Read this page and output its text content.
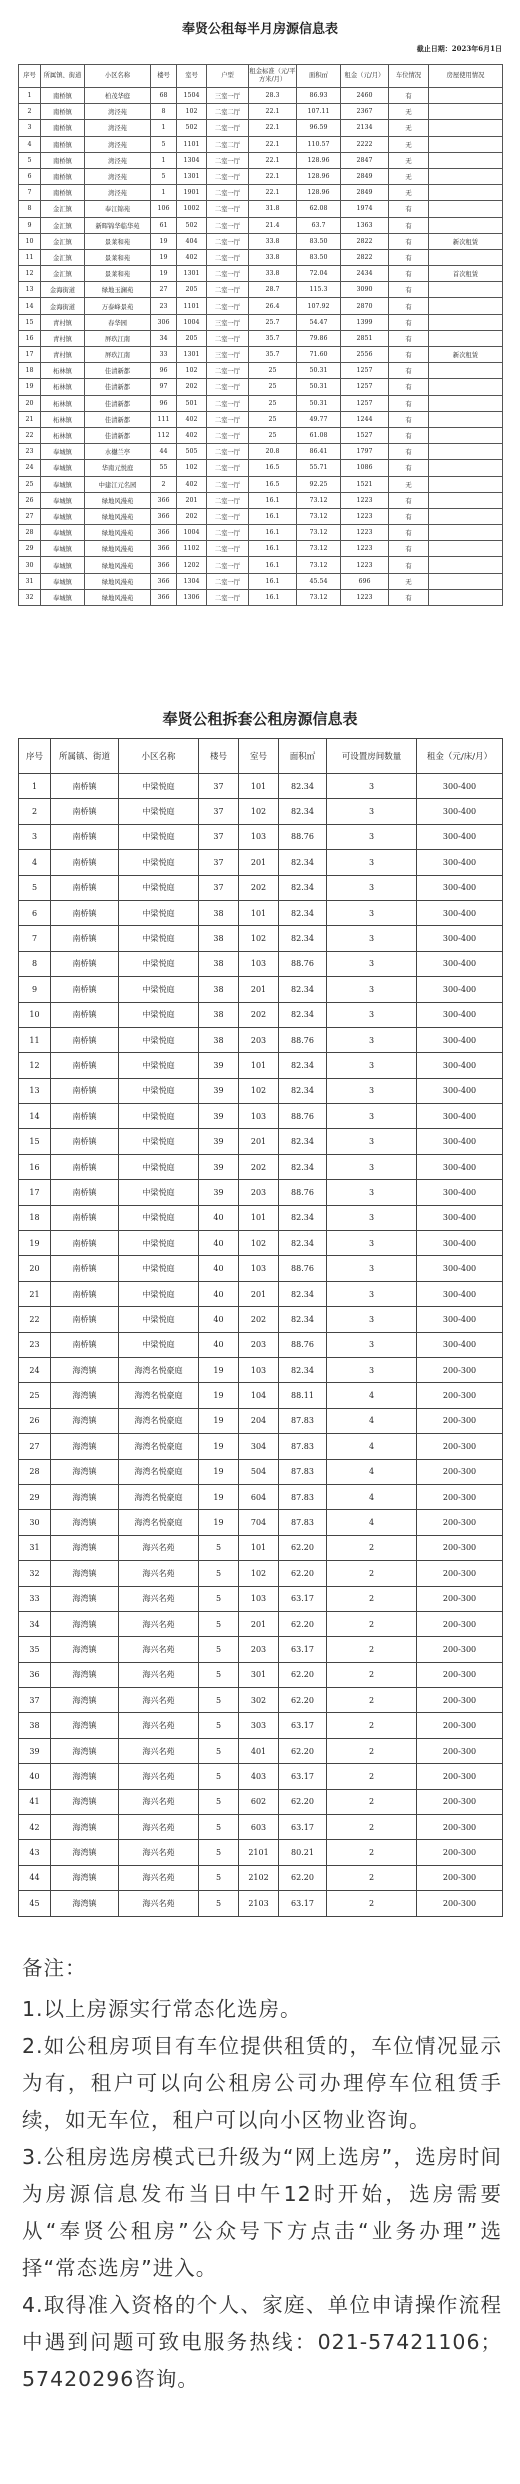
奉贤公租每半月房源信息表
截止日期：2023年6月1日
序号	所属镇、街道	小区名称	楼号	室号	户型	租金标准（元/平方米/月）	面积㎡	租金（元/月）	车位情况	房屋使用情况
1	南桥镇	柏茂华庭	68	1504	三室一厅	28.3	86.93	2460	有	
2	南桥镇	湾泾苑	8	102	二室二厅	22.1	107.11	2367	无	
3	南桥镇	湾泾苑	1	502	二室一厅	22.1	96.59	2134	无	
4	南桥镇	湾泾苑	5	1101	二室二厅	22.1	110.57	2222	无	
5	南桥镇	湾泾苑	1	1304	二室一厅	22.1	128.96	2847	无	
6	南桥镇	湾泾苑	5	1301	二室一厅	22.1	128.96	2849	无	
7	南桥镇	湾泾苑	1	1901	二室一厅	22.1	128.96	2849	无	
8	金汇镇	奉江锦苑	106	1002	二室一厅	31.8	62.08	1974	有	
9	金汇镇	新晖锦华临华苑	61	502	二室一厅	21.4	63.7	1363	有	
10	金汇镇	景莱和苑	19	404	二室一厅	33.8	83.50	2822	有	新次租赁
11	金汇镇	景莱和苑	19	402	二室一厅	33.8	83.50	2822	有	
12	金汇镇	景莱和苑	19	1301	二室一厅	33.8	72.04	2434	有	首次租赁
13	金海街道	绿地玉澜苑	27	205	二室一厅	28.7	115.3	3090	有	
14	金海街道	万泰峰景苑	23	1101	二室一厅	26.4	107.92	2870	有	
15	青村镇	春华园	306	1004	三室一厅	25.7	54.47	1399	有	
16	青村镇	屏玖江南	34	205	二室一厅	35.7	79.86	2851	有	
17	青村镇	屏玖江南	33	1301	三室一厅	35.7	71.60	2556	有	新次租赁
18	柘林镇	佳清新都	96	102	二室一厅	25	50.31	1257	有	
19	柘林镇	佳清新都	97	202	二室一厅	25	50.31	1257	有	
20	柘林镇	佳清新都	96	501	二室一厅	25	50.31	1257	有	
21	柘林镇	佳清新都	111	402	二室一厅	25	49.77	1244	有	
22	柘林镇	佳清新都	112	402	二室一厅	25	61.08	1527	有	
23	奉城镇	水樾兰亭	44	505	二室一厅	20.8	86.41	1797	有	
24	奉城镇	华南元悦庭	55	102	二室一厅	16.5	55.71	1086	有	
25	奉城镇	中建江元名园	2	402	二室一厅	16.5	92.25	1521	无	
26	奉城镇	绿地风漫苑	366	201	二室一厅	16.1	73.12	1223	有	
27	奉城镇	绿地风漫苑	366	202	二室一厅	16.1	73.12	1223	有	
28	奉城镇	绿地风漫苑	366	1004	二室一厅	16.1	73.12	1223	有	
29	奉城镇	绿地风漫苑	366	1102	二室一厅	16.1	73.12	1223	有	
30	奉城镇	绿地风漫苑	366	1202	二室一厅	16.1	73.12	1223	有	
31	奉城镇	绿地风漫苑	366	1304	二室一厅	16.1	45.54	696	无	
32	奉城镇	绿地风漫苑	366	1306	二室一厅	16.1	73.12	1223	有	
奉贤公租拆套公租房源信息表
序号	所属镇、街道	小区名称	楼号	室号	面积㎡	可设置房间数量	租金（元/床/月）
1	南桥镇	中梁悦庭	37	101	82.34	3	300-400
2	南桥镇	中梁悦庭	37	102	82.34	3	300-400
3	南桥镇	中梁悦庭	37	103	88.76	3	300-400
4	南桥镇	中梁悦庭	37	201	82.34	3	300-400
5	南桥镇	中梁悦庭	37	202	82.34	3	300-400
6	南桥镇	中梁悦庭	38	101	82.34	3	300-400
7	南桥镇	中梁悦庭	38	102	82.34	3	300-400
8	南桥镇	中梁悦庭	38	103	88.76	3	300-400
9	南桥镇	中梁悦庭	38	201	82.34	3	300-400
10	南桥镇	中梁悦庭	38	202	82.34	3	300-400
11	南桥镇	中梁悦庭	38	203	88.76	3	300-400
12	南桥镇	中梁悦庭	39	101	82.34	3	300-400
13	南桥镇	中梁悦庭	39	102	82.34	3	300-400
14	南桥镇	中梁悦庭	39	103	88.76	3	300-400
15	南桥镇	中梁悦庭	39	201	82.34	3	300-400
16	南桥镇	中梁悦庭	39	202	82.34	3	300-400
17	南桥镇	中梁悦庭	39	203	88.76	3	300-400
18	南桥镇	中梁悦庭	40	101	82.34	3	300-400
19	南桥镇	中梁悦庭	40	102	82.34	3	300-400
20	南桥镇	中梁悦庭	40	103	88.76	3	300-400
21	南桥镇	中梁悦庭	40	201	82.34	3	300-400
22	南桥镇	中梁悦庭	40	202	82.34	3	300-400
23	南桥镇	中梁悦庭	40	203	88.76	3	300-400
24	海湾镇	海湾名悦豪庭	19	103	82.34	3	200-300
25	海湾镇	海湾名悦豪庭	19	104	88.11	4	200-300
26	海湾镇	海湾名悦豪庭	19	204	87.83	4	200-300
27	海湾镇	海湾名悦豪庭	19	304	87.83	4	200-300
28	海湾镇	海湾名悦豪庭	19	504	87.83	4	200-300
29	海湾镇	海湾名悦豪庭	19	604	87.83	4	200-300
30	海湾镇	海湾名悦豪庭	19	704	87.83	4	200-300
31	海湾镇	海兴名苑	5	101	62.20	2	200-300
32	海湾镇	海兴名苑	5	102	62.20	2	200-300
33	海湾镇	海兴名苑	5	103	63.17	2	200-300
34	海湾镇	海兴名苑	5	201	62.20	2	200-300
35	海湾镇	海兴名苑	5	203	63.17	2	200-300
36	海湾镇	海兴名苑	5	301	62.20	2	200-300
37	海湾镇	海兴名苑	5	302	62.20	2	200-300
38	海湾镇	海兴名苑	5	303	63.17	2	200-300
39	海湾镇	海兴名苑	5	401	62.20	2	200-300
40	海湾镇	海兴名苑	5	403	63.17	2	200-300
41	海湾镇	海兴名苑	5	602	62.20	2	200-300
42	海湾镇	海兴名苑	5	603	63.17	2	200-300
43	海湾镇	海兴名苑	5	2101	80.21	2	200-300
44	海湾镇	海兴名苑	5	2102	62.20	2	200-300
45	海湾镇	海兴名苑	5	2103	63.17	2	200-300
备注：
1.以上房源实行常态化选房。
2.如公租房项目有车位提供租赁的，车位情况显示为有，租户可以向公租房公司办理停车位租赁手续，如无车位，租户可以向小区物业咨询。
3.公租房选房模式已升级为“网上选房”，选房时间为房源信息发布当日中午12时开始，选房需要从“奉贤公租房”公众号下方点击“业务办理”选择“常态选房”进入。
4.取得准入资格的个人、家庭、单位申请操作流程中遇到问题可致电服务热线：021-57421106；57420296咨询。
